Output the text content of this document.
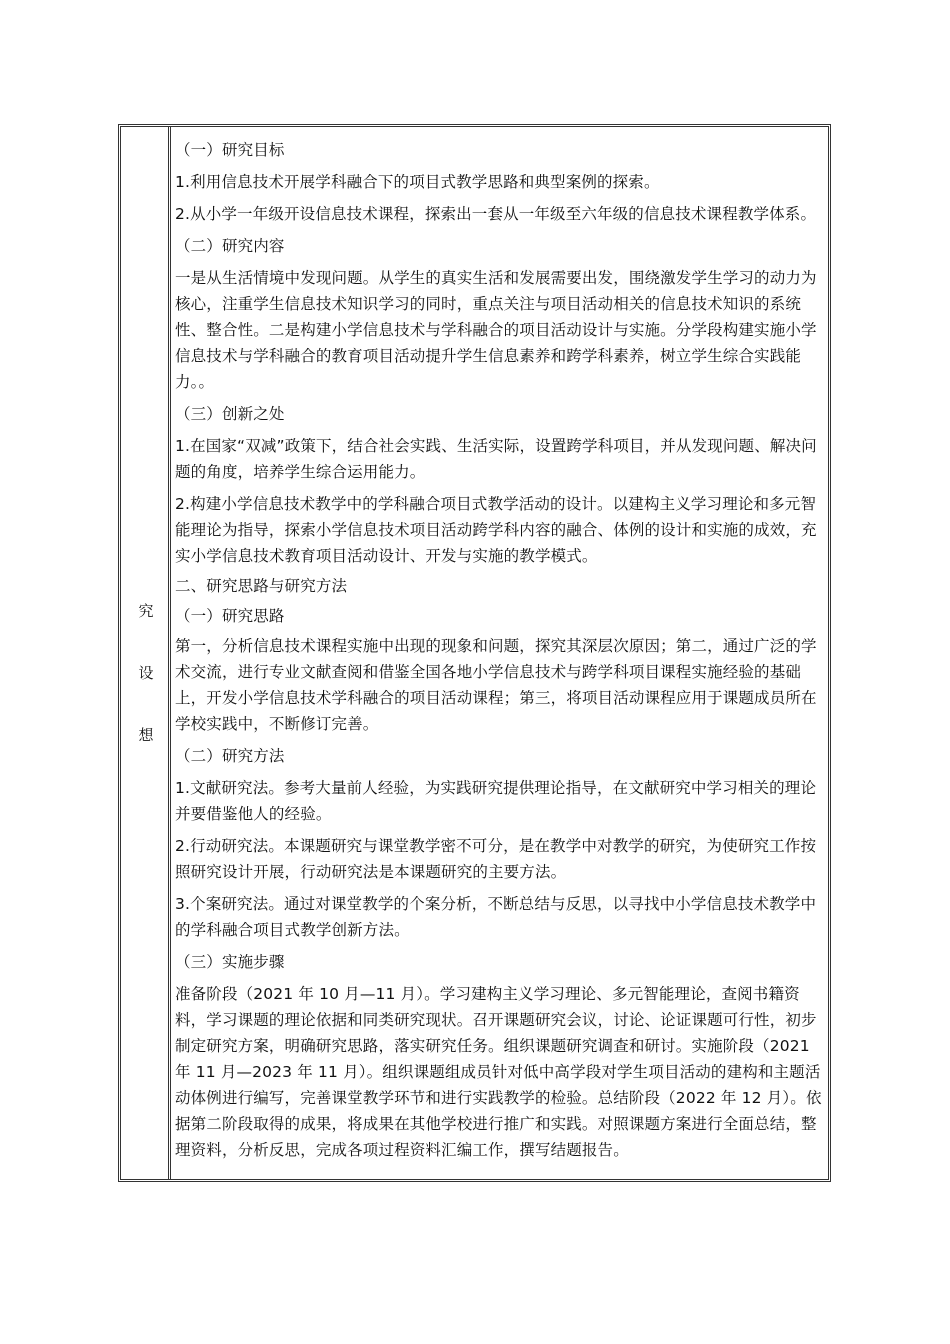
究
设
想

（一）研究目标

1.利用信息技术开展学科融合下的项目式教学思路和典型案例的探索。

2.从小学一年级开设信息技术课程，探索出一套从一年级至六年级的信息技术课程教学体系。

（二）研究内容

一是从生活情境中发现问题。从学生的真实生活和发展需要出发，围绕激发学生学习的动力为核心，注重学生信息技术知识学习的同时，重点关注与项目活动相关的信息技术知识的系统性、整合性。二是构建小学信息技术与学科融合的项目活动设计与实施。分学段构建实施小学信息技术与学科融合的教育项目活动提升学生信息素养和跨学科素养，树立学生综合实践能力。。

（三）创新之处

1.在国家“双减”政策下，结合社会实践、生活实际，设置跨学科项目，并从发现问题、解决问题的角度，培养学生综合运用能力。

2.构建小学信息技术教学中的学科融合项目式教学活动的设计。以建构主义学习理论和多元智能理论为指导，探索小学信息技术项目活动跨学科内容的融合、体例的设计和实施的成效，充实小学信息技术教育项目活动设计、开发与实施的教学模式。

二、研究思路与研究方法

（一）研究思路

第一，分析信息技术课程实施中出现的现象和问题，探究其深层次原因；第二，通过广泛的学术交流，进行专业文献查阅和借鉴全国各地小学信息技术与跨学科项目课程实施经验的基础上，开发小学信息技术学科融合的项目活动课程；第三，将项目活动课程应用于课题成员所在学校实践中，不断修订完善。

（二）研究方法

1.文献研究法。参考大量前人经验，为实践研究提供理论指导，在文献研究中学习相关的理论并要借鉴他人的经验。

2.行动研究法。本课题研究与课堂教学密不可分，是在教学中对教学的研究，为使研究工作按照研究设计开展，行动研究法是本课题研究的主要方法。

3.个案研究法。通过对课堂教学的个案分析，不断总结与反思，以寻找中小学信息技术教学中的学科融合项目式教学创新方法。

（三）实施步骤

准备阶段（2021 年 10 月—11 月）。学习建构主义学习理论、多元智能理论，查阅书籍资料，学习课题的理论依据和同类研究现状。召开课题研究会议，讨论、论证课题可行性，初步制定研究方案，明确研究思路，落实研究任务。组织课题研究调查和研讨。实施阶段（2021 年 11 月—2023 年 11 月）。组织课题组成员针对低中高学段对学生项目活动的建构和主题活动体例进行编写，完善课堂教学环节和进行实践教学的检验。总结阶段（2022 年 12 月）。依据第二阶段取得的成果，将成果在其他学校进行推广和实践。对照课题方案进行全面总结，整理资料，分析反思，完成各项过程资料汇编工作，撰写结题报告。
